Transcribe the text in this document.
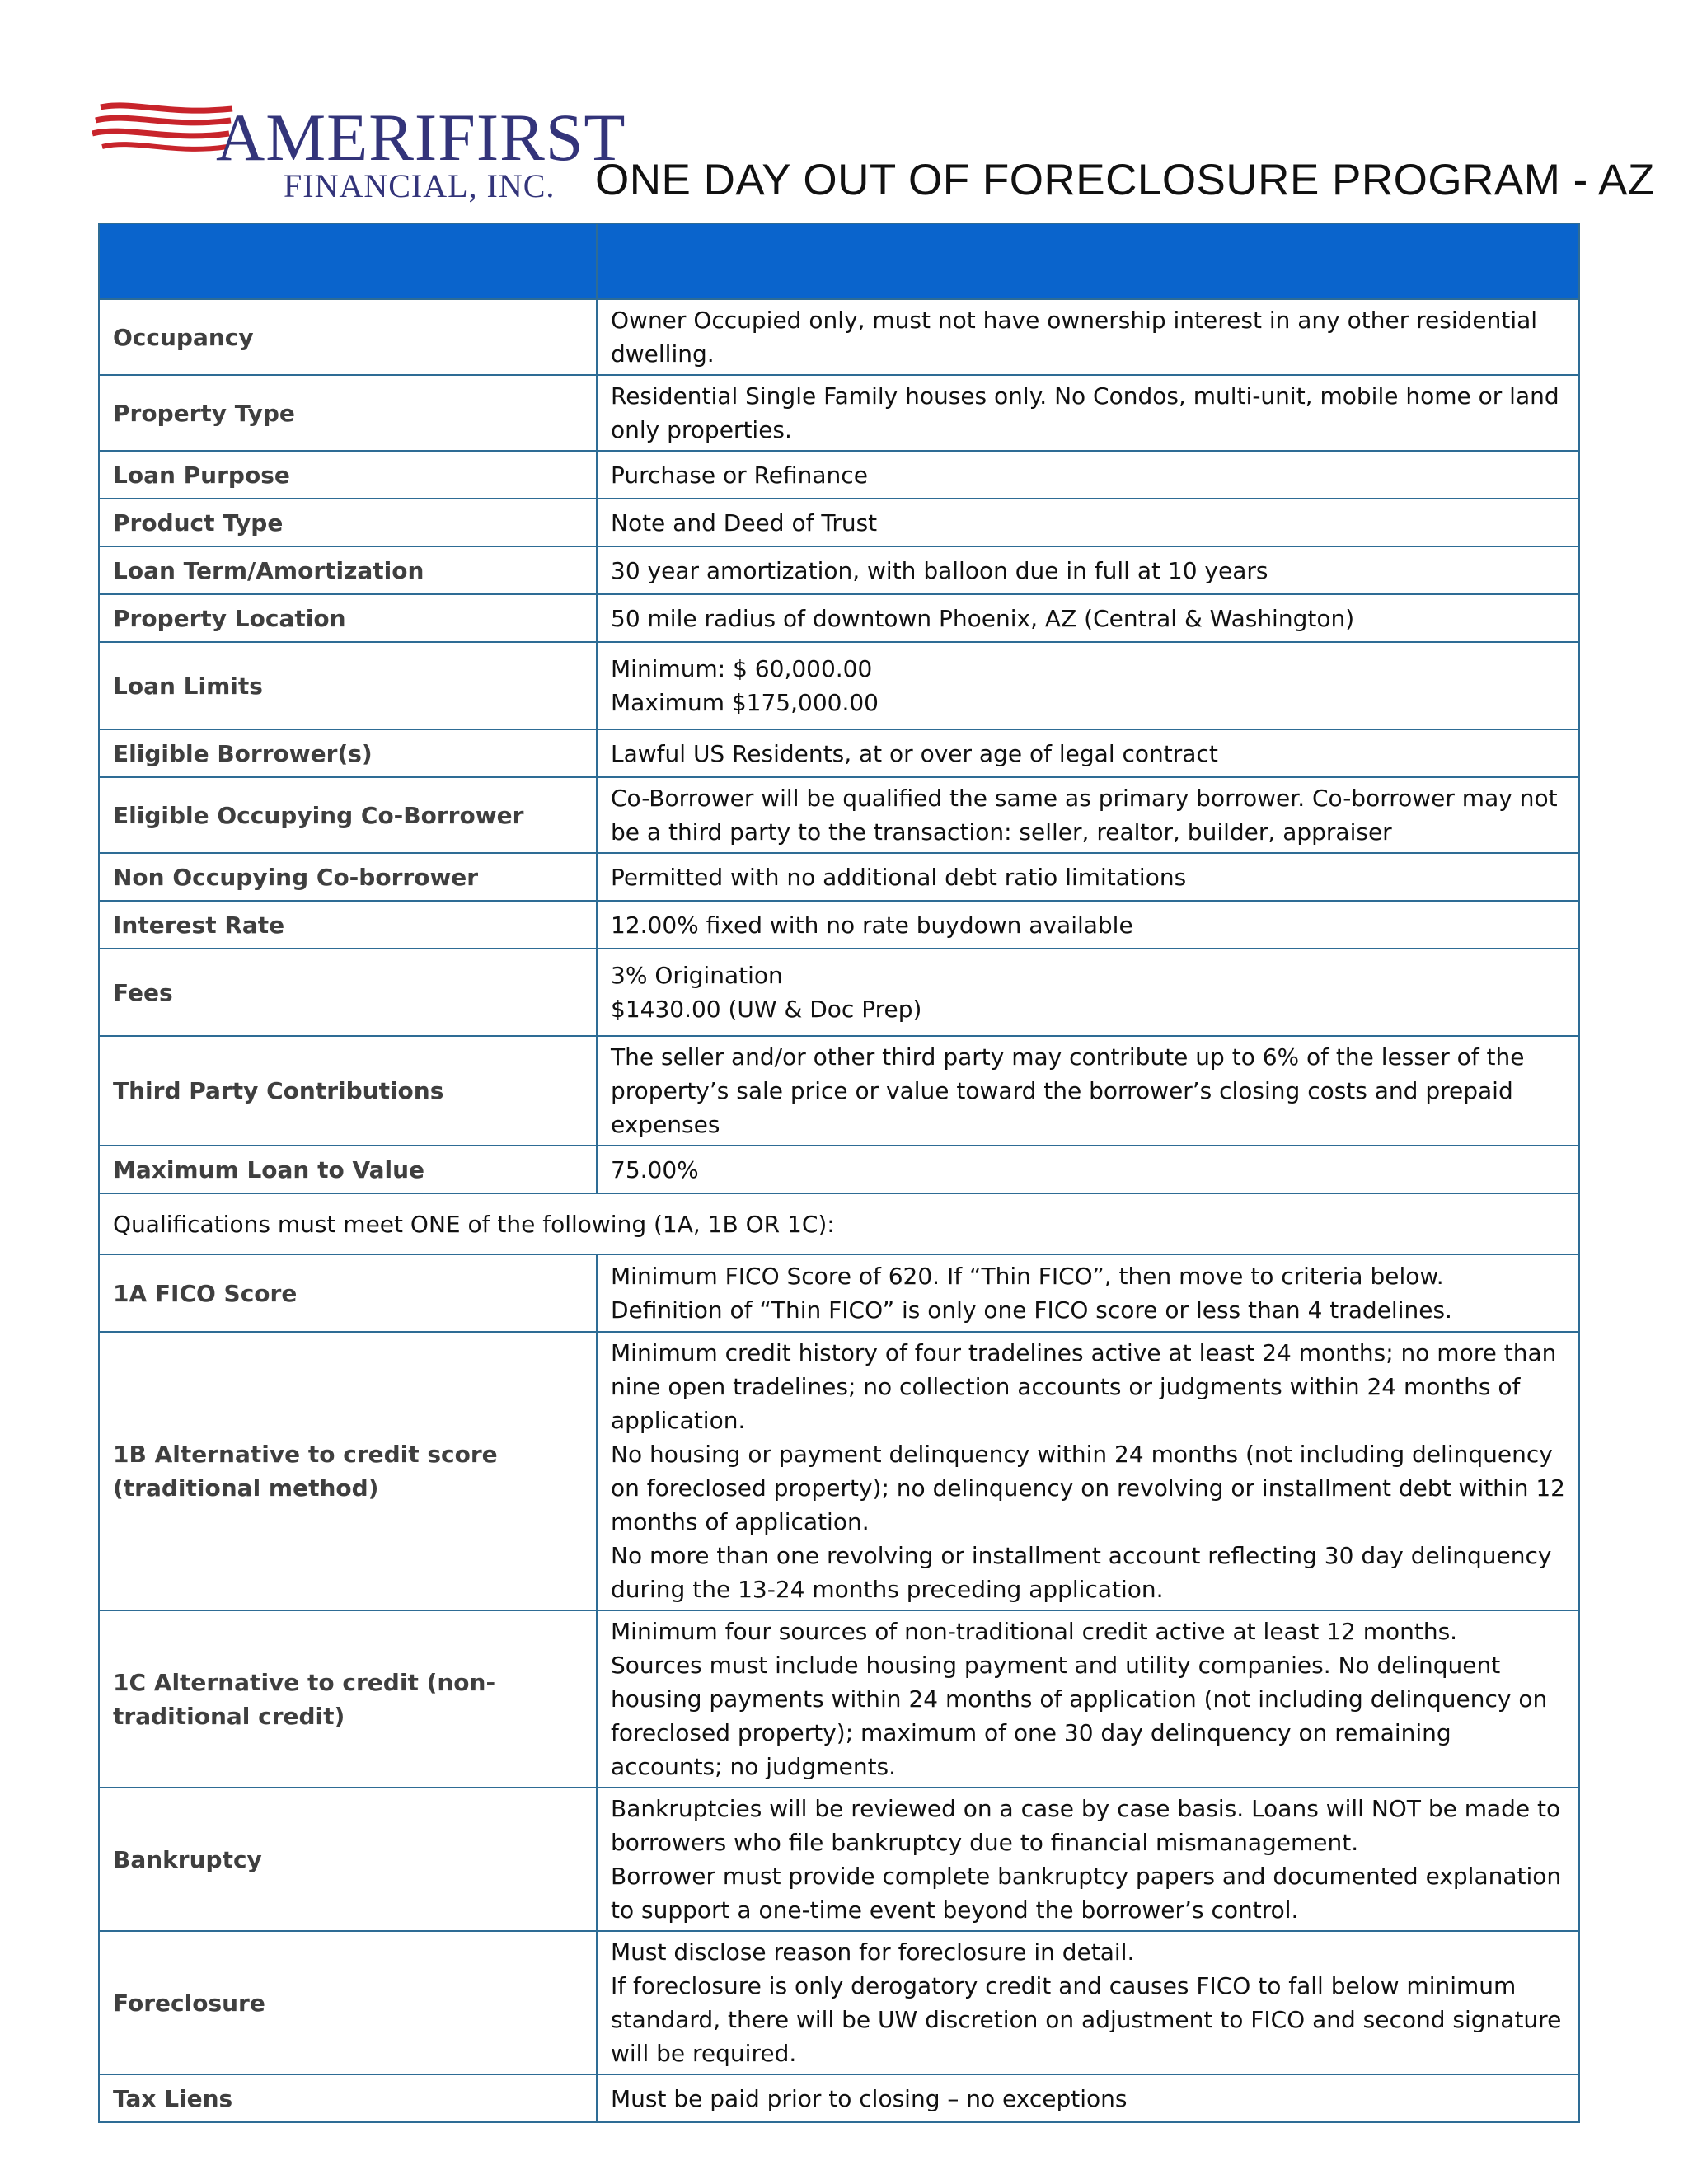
AMERIFIRST
FINANCIAL, INC. ONE DAY OUT OF FORECLOSURE PROGRAM - AZ

Occupancy	Owner Occupied only, must not have ownership interest in any other residential dwelling.

Property Type	Residential Single Family houses only. No Condos, multi-unit, mobile home or land only properties.

Loan Purpose	Purchase or Refinance

Product Type	Note and Deed of Trust

Loan Term/Amortization	30 year amortization, with balloon due in full at 10 years

Property Location	50 mile radius of downtown Phoenix, AZ (Central & Washington)

Loan Limits	Minimum: $ 60,000.00
Maximum $175,000.00

Eligible Borrower(s)	Lawful US Residents, at or over age of legal contract

Eligible Occupying Co-Borrower	Co-Borrower will be qualified the same as primary borrower. Co-borrower may not be a third party to the transaction: seller, realtor, builder, appraiser

Non Occupying Co-borrower	Permitted with no additional debt ratio limitations

Interest Rate	12.00% fixed with no rate buydown available

Fees	3% Origination
$1430.00 (UW & Doc Prep)

Third Party Contributions	The seller and/or other third party may contribute up to 6% of the lesser of the property’s sale price or value toward the borrower’s closing costs and prepaid expenses

Maximum Loan to Value	75.00%

Qualifications must meet ONE of the following (1A, 1B OR 1C):	
1A FICO Score	Minimum FICO Score of 620. If “Thin FICO”, then move to criteria below.
Definition of “Thin FICO” is only one FICO score or less than 4 tradelines.

1B Alternative to credit score (traditional method)	Minimum credit history of four tradelines active at least 24 months; no more than nine open tradelines; no collection accounts or judgments within 24 months of application.
No housing or payment delinquency within 24 months (not including delinquency on foreclosed property); no delinquency on revolving or installment debt within 12 months of application.
No more than one revolving or installment account reflecting 30 day delinquency during the 13-24 months preceding application.

1C Alternative to credit (non-traditional credit)	Minimum four sources of non-traditional credit active at least 12 months.
Sources must include housing payment and utility companies. No delinquent housing payments within 24 months of application (not including delinquency on foreclosed property); maximum of one 30 day delinquency on remaining accounts; no judgments.

Bankruptcy	Bankruptcies will be reviewed on a case by case basis. Loans will NOT be made to borrowers who file bankruptcy due to financial mismanagement.
Borrower must provide complete bankruptcy papers and documented explanation to support a one-time event beyond the borrower’s control.

Foreclosure	Must disclose reason for foreclosure in detail.
If foreclosure is only derogatory credit and causes FICO to fall below minimum standard, there will be UW discretion on adjustment to FICO and second signature will be required.

Tax Liens	Must be paid prior to closing – no exceptions
